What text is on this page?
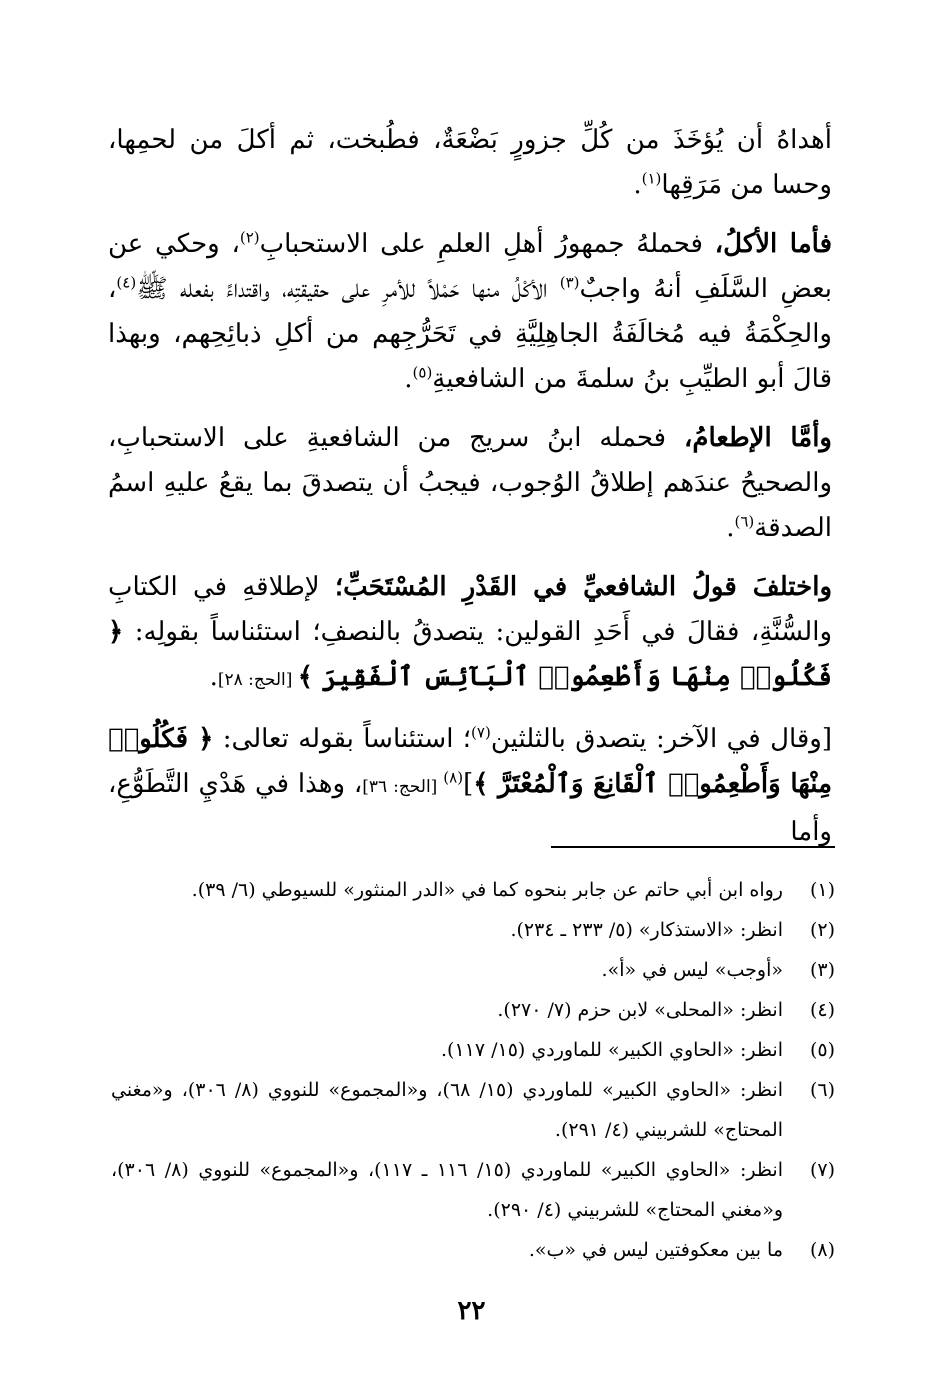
أهداهُ أن يُؤخَذَ من كُلِّ جزورٍ بَضْعَةٌ، فطُبخت، ثم أكلَ من لحمِها، وحسا من مَرَقِها$^{(١)}$.

فأما الأكلُ، فحملهُ جمهورُ أهلِ العلمِ على الاستحبابِ$^{(٢)}$، وحكي عن بعضِ السَّلَفِ أنهُ واجبٌ$^{(٣)}$ الأكْلُ منها حَمْلاً للأمرِ على حقيقتِه، واقتداءً بفعله ﷺ$^{(٤)}$، والحِكْمَةُ فيه مُخالَفَةُ الجاهِلِيَّةِ في تَحَرُّجِهم من أكلِ ذبائِحِهم، وبهذا قالَ أبو الطيِّبِ بنُ سلمةَ من الشافعيةِ$^{(٥)}$.

وأمَّا الإطعامُ، فحمله ابنُ سريج من الشافعيةِ على الاستحبابِ، والصحيحُ عندَهم إطلاقُ الوُجوب، فيجبُ أن يتصدقَ بما يقعُ عليهِ اسمُ الصدقة$^{(٦)}$.

واختلفَ قولُ الشافعيِّ في القَدْرِ المُسْتَحَبِّ؛ لإطلاقهِ في الكتابِ والسُّنَّةِ، فقالَ في أَحَدِ القولين: يتصدقُ بالنصفِ؛ استئناساً بقولِه: ﴿ فَكُلُوا۟ مِنْهَا وَأَطْعِمُوا۟ ٱلْبَآئِسَ ٱلْفَقِيرَ ﴾ [الحج: ٢٨].

[وقال في الآخر: يتصدق بالثلثين$^{(٧)}$؛ استئناساً بقوله تعالى: ﴿ فَكُلُوا۟ مِنْهَا وَأَطْعِمُوا۟ ٱلْقَانِعَ وَٱلْمُعْتَرَّ ﴾]$^{(٨)}$ [الحج: ٣٦]، وهذا في هَدْيِ التَّطَوُّعِ، وأما

(١)
رواه ابن أبي حاتم عن جابر بنحوه كما في «الدر المنثور» للسيوطي (٦/ ٣٩).
(٢)
انظر: «الاستذكار» (٥/ ٢٣٣ ـ ٢٣٤).
(٣)
«أوجب» ليس في «أ».
(٤)
انظر: «المحلى» لابن حزم (٧/ ٢٧٠).
(٥)
انظر: «الحاوي الكبير» للماوردي (١٥/ ١١٧).
(٦)
انظر: «الحاوي الكبير» للماوردي (١٥/ ٦٨)، و«المجموع» للنووي (٨/ ٣٠٦)، و«مغني المحتاج» للشربيني (٤/ ٢٩١).
(٧)
انظر: «الحاوي الكبير» للماوردي (١٥/ ١١٦ ـ ١١٧)، و«المجموع» للنووي (٨/ ٣٠٦)، و«مغني المحتاج» للشربيني (٤/ ٢٩٠).
(٨)
ما بين معكوفتين ليس في «ب».
٢٢
